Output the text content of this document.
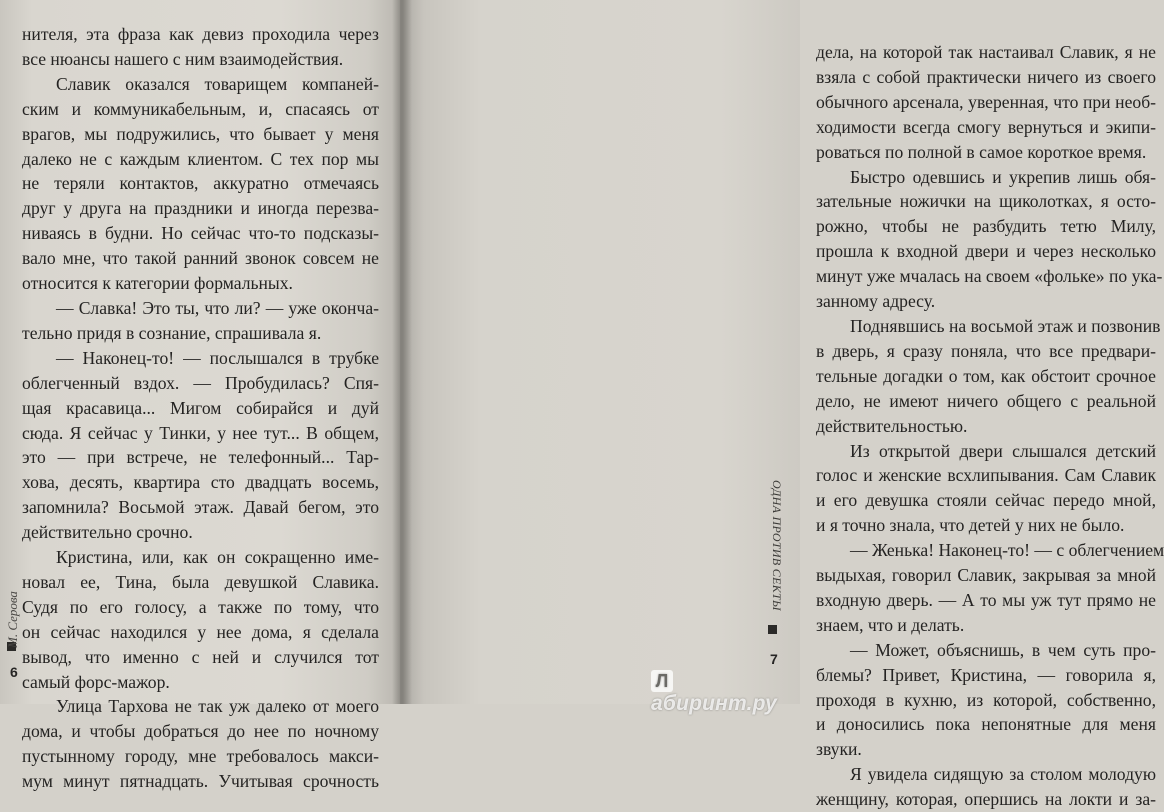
нителя, эта фраза как девиз проходила через
все нюансы нашего с ним взаимодействия.
Славик оказался товарищем компаней-
ским и коммуникабельным, и, спасаясь от
врагов, мы подружились, что бывает у меня
далеко не с каждым клиентом. С тех пор мы
не теряли контактов, аккуратно отмечаясь
друг у друга на праздники и иногда перезва-
ниваясь в будни. Но сейчас что-то подсказы-
вало мне, что такой ранний звонок совсем не
относится к категории формальных.
— Славка! Это ты, что ли? — уже окончa-
тельно придя в сознание, спрашивала я.
— Наконец-то! — послышался в трубке
облегченный вздох. — Пробудилась? Спя-
щая красавица... Мигом собирайся и дуй
сюда. Я сейчас у Тинки, у нее тут... В общем,
это — при встрече, не телефонный... Тар-
хова, десять, квартира сто двадцать восемь,
запомнила? Восьмой этаж. Давай бегом, это
действительно срочно.
Кристина, или, как он сокращенно име-
новал ее, Тина, была девушкой Славика.
Судя по его голосу, а также по тому, что
он сейчас находился у нее дома, я сделала
вывод, что именно с ней и случился тот
самый форс-мажор.
Улица Тархова не так уж далеко от моего
дома, и чтобы добраться до нее по ночному
пустынному городу, мне требовалось макси-
мум минут пятнадцать. Учитывая срочность
М. Серова
6
дела, на которой так настаивал Славик, я не
взяла с собой практически ничего из своего
обычного арсенала, уверенная, что при необ-
ходимости всегда смогу вернуться и экипи-
роваться по полной в самое короткое время.
Быстро одевшись и укрепив лишь обя-
зательные ножички на щиколотках, я осто-
рожно, чтобы не разбудить тетю Милу,
прошла к входной двери и через несколько
минут уже мчалась на своем «фольке» по ука-
занному адресу.
Поднявшись на восьмой этаж и позвонив
в дверь, я сразу поняла, что все предвари-
тельные догадки о том, как обстоит срочное
дело, не имеют ничего общего с реальной
действительностью.
Из открытой двери слышался детский
голос и женские всхлипывания. Сам Славик
и его девушка стояли сейчас передо мной,
и я точно знала, что детей у них не было.
— Женька! Наконец-то! — с облегчением
выдыхая, говорил Славик, закрывая за мной
входную дверь. — А то мы уж тут прямо не
знаем, что и делать.
— Может, объяснишь, в чем суть про-
блемы? Привет, Кристина, — говорила я,
проходя в кухню, из которой, собственно,
и доносились пока непонятные для меня
звуки.
Я увидела сидящую за столом молодую
женщину, которая, опершись на локти и за-
ОДНА ПРОТИВ СЕКТЫ
7
Лабиринт.ру
